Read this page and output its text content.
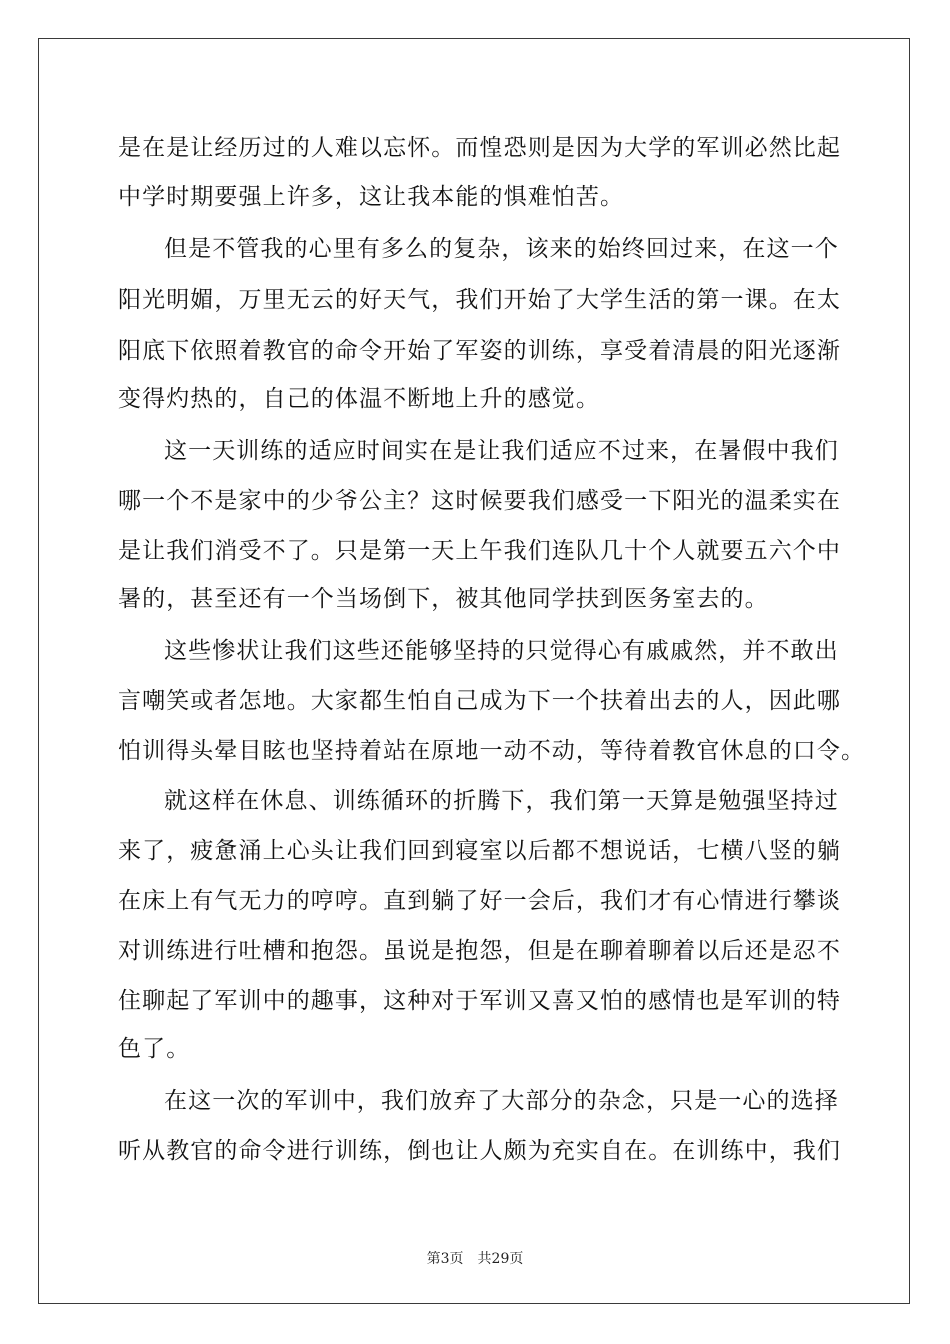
是在是让经历过的人难以忘怀。而惶恐则是因为大学的军训必然比起
中学时期要强上许多，这让我本能的惧难怕苦。
但是不管我的心里有多么的复杂，该来的始终回过来，在这一个
阳光明媚，万里无云的好天气，我们开始了大学生活的第一课。在太
阳底下依照着教官的命令开始了军姿的训练，享受着清晨的阳光逐渐
变得灼热的，自己的体温不断地上升的感觉。
这一天训练的适应时间实在是让我们适应不过来，在暑假中我们
哪一个不是家中的少爷公主？这时候要我们感受一下阳光的温柔实在
是让我们消受不了。只是第一天上午我们连队几十个人就要五六个中
暑的，甚至还有一个当场倒下，被其他同学扶到医务室去的。
这些惨状让我们这些还能够坚持的只觉得心有戚戚然，并不敢出
言嘲笑或者怎地。大家都生怕自己成为下一个扶着出去的人，因此哪
怕训得头晕目眩也坚持着站在原地一动不动，等待着教官休息的口令。
就这样在休息、训练循环的折腾下，我们第一天算是勉强坚持过
来了，疲惫涌上心头让我们回到寝室以后都不想说话，七横八竖的躺
在床上有气无力的哼哼。直到躺了好一会后，我们才有心情进行攀谈
对训练进行吐槽和抱怨。虽说是抱怨，但是在聊着聊着以后还是忍不
住聊起了军训中的趣事，这种对于军训又喜又怕的感情也是军训的特
色了。
在这一次的军训中，我们放弃了大部分的杂念，只是一心的选择
听从教官的命令进行训练，倒也让人颇为充实自在。在训练中，我们
第3页 共29页
